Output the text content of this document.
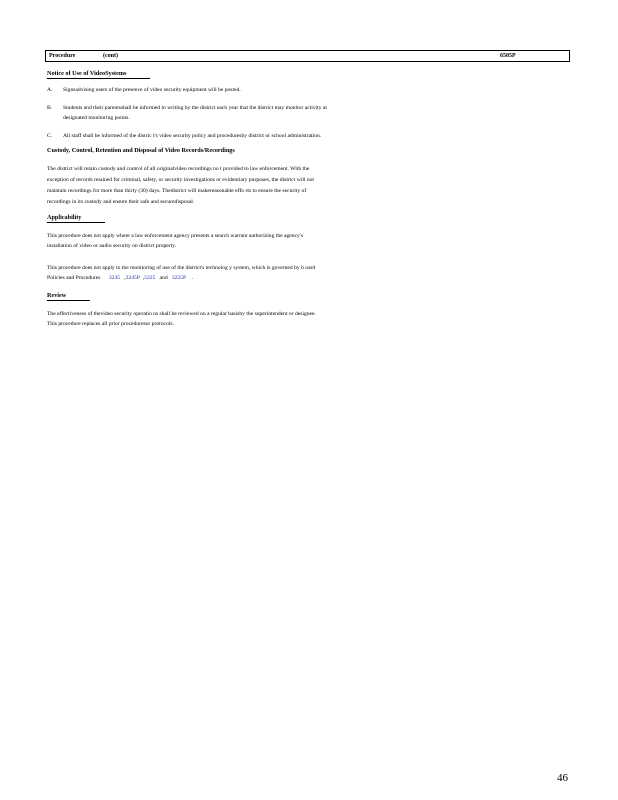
Procedure	(cont)	6505P
Notice of Use of VideoSystems
A. Signsadvising users of the presence of video security equipment will be posted.
B. Students and their parentsshall be informed in writing by the district each year that the district may monitor activity at
designated monitoring points.
C. All staff shall be informed of the distric t's video security policy and proceduresby district or school administration.
Custody, Control, Retention and Disposal of Video Records/Recordings
The district will retain custody and control of all originalvideo recordings no t provided to law enforcement. With the
exception of records retained for criminal, safety, or security investigations or evidentiary purposes, the district will not
maintain recordings for more than thirty (30) days. Thedistrict will makereasonable effo rts to ensure the security of
recordings in its custody and ensure their safe and securedisposal.
Applicability
This procedure does not apply where a law enforcement agency presents a search warrant authorizing the agency's
installation of video or audio security on district property.
This procedure does not apply to the monitoring of use of the district's technolog y system, which is governed by b oard
Policies and Procedures 3245 ,3245P ,5225 and 3225P .
Review
The effectiveness of thevideo security operatio ns shall be reviewed on a regular basisby the superintendent or designee.
This procedure replaces all prior proceduresor protocols.
46
